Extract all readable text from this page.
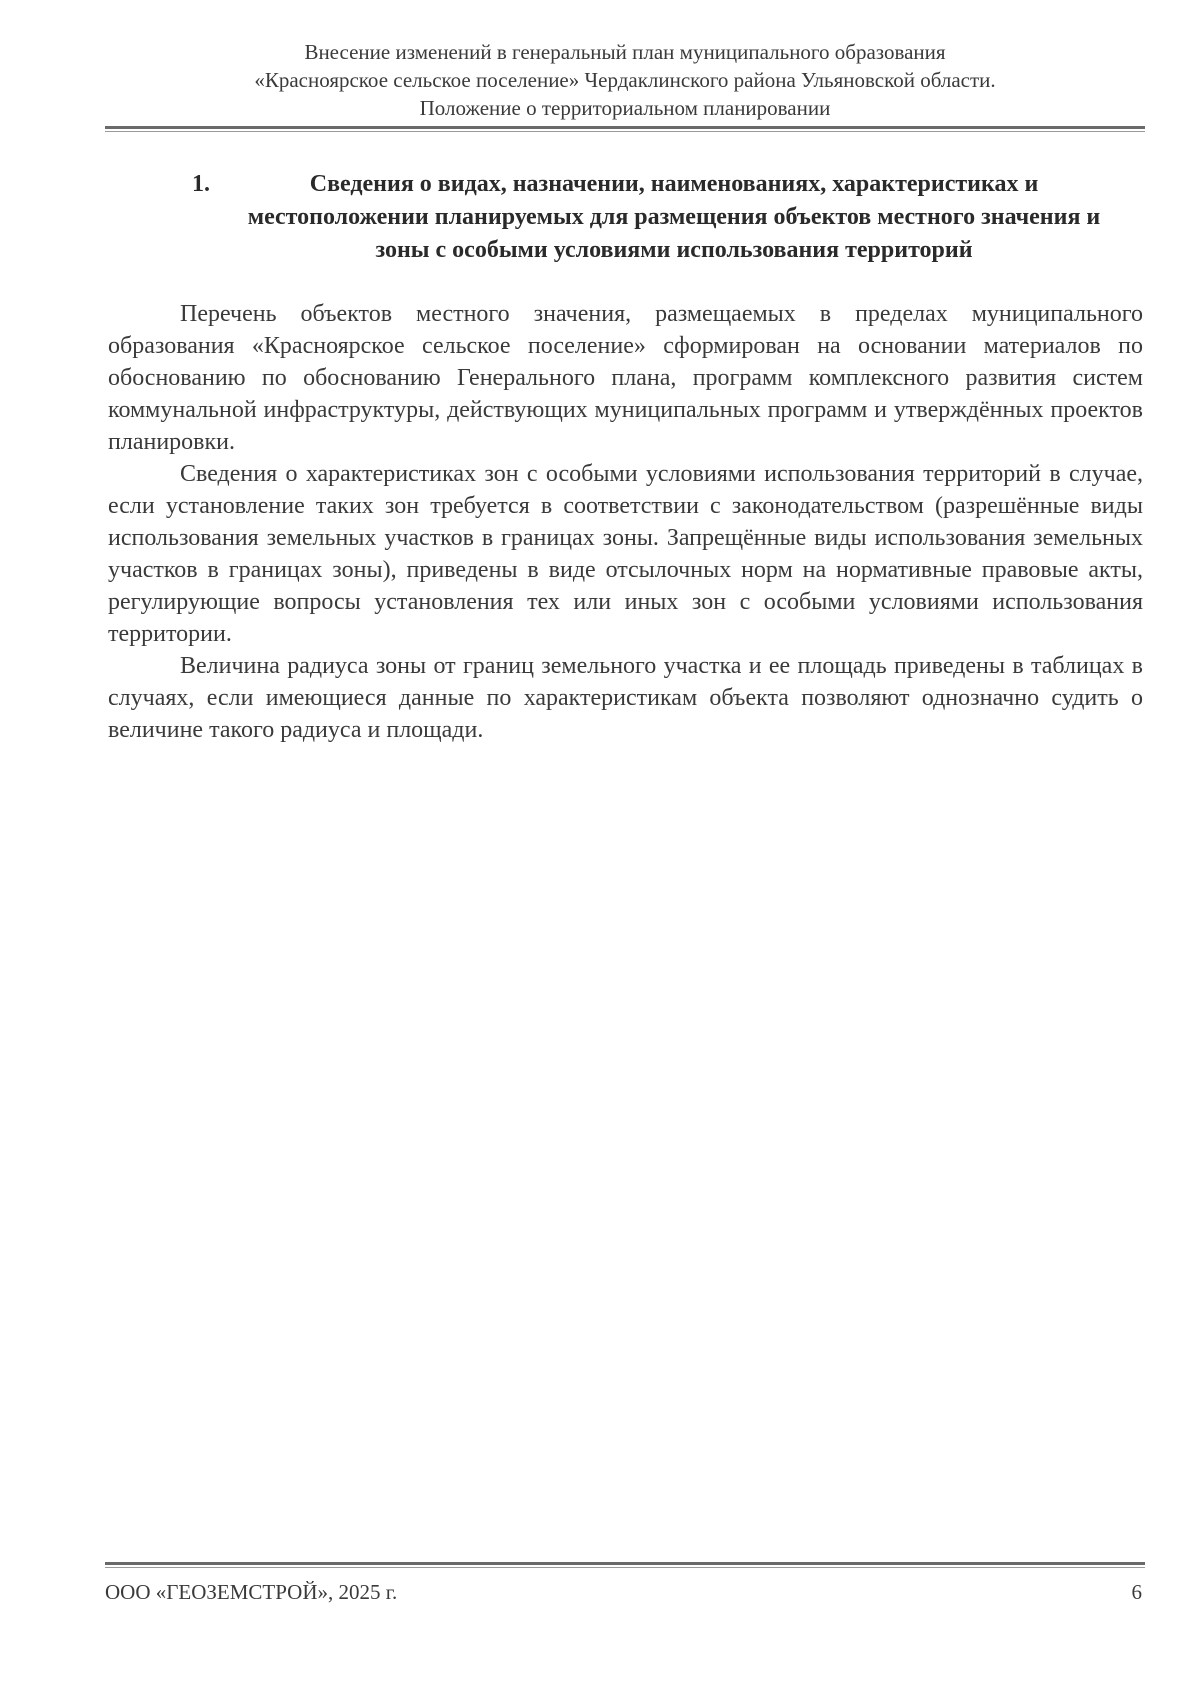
Внесение изменений в генеральный план муниципального образования
«Красноярское сельское поселение» Чердаклинского района Ульяновской области.
Положение о территориальном планировании
1.	Сведения о видах, назначении, наименованиях, характеристиках и местоположении планируемых для размещения объектов местного значения и зоны с особыми условиями использования территорий

Перечень объектов местного значения, размещаемых в пределах муниципального образования «Красноярское сельское поселение» сформирован на основании материалов по обоснованию по обоснованию Генерального плана, программ комплексного развития систем коммунальной инфраструктуры, действующих муниципальных программ и утверждённых проектов планировки.

Сведения о характеристиках зон с особыми условиями использования территорий в случае, если установление таких зон требуется в соответствии с законодательством (разрешённые виды использования земельных участков в границах зоны. Запрещённые виды использования земельных участков в границах зоны), приведены в виде отсылочных норм на нормативные правовые акты, регулирующие вопросы установления тех или иных зон с особыми условиями использования территории.

Величина радиуса зоны от границ земельного участка и ее площадь приведены в таблицах в случаях, если имеющиеся данные по характеристикам объекта позволяют однозначно судить о величине такого радиуса и площади.

ООО «ГЕОЗЕМСТРОЙ», 2025 г.	6
